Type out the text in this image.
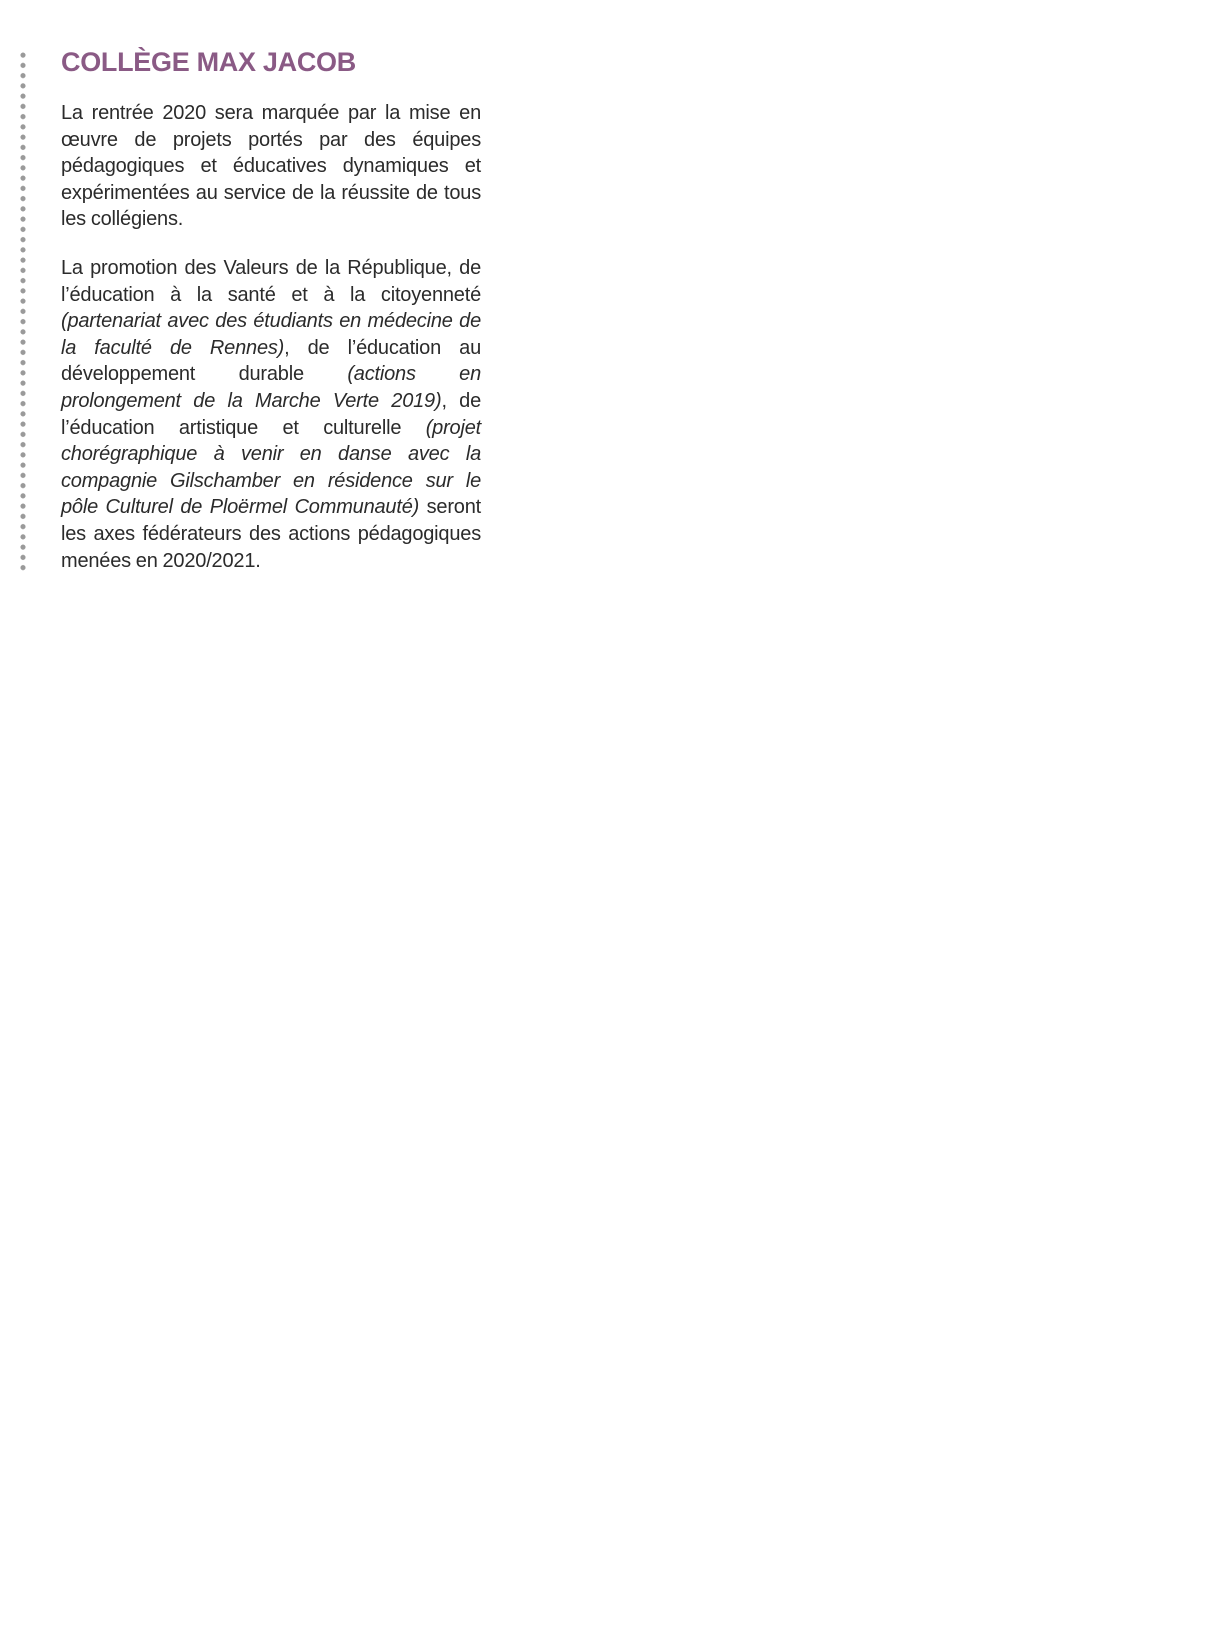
COLLÈGE MAX JACOB

La rentrée 2020 sera marquée par la mise en œuvre de projets portés par des équipes pédagogiques et éducatives dynamiques et expérimentées au service de la réussite de tous les collégiens.

La promotion des Valeurs de la République, de l’éducation à la santé et à la citoyenneté (partenariat avec des étudiants en médecine de la faculté de Rennes), de l’éducation au développement durable (actions en prolongement de la Marche Verte 2019), de l’éducation artistique et culturelle (projet chorégraphique à venir en danse avec la compagnie Gilschamber en résidence sur le pôle Culturel de Ploërmel Communauté) seront les axes fédérateurs des actions pédagogiques menées en 2020/2021.
